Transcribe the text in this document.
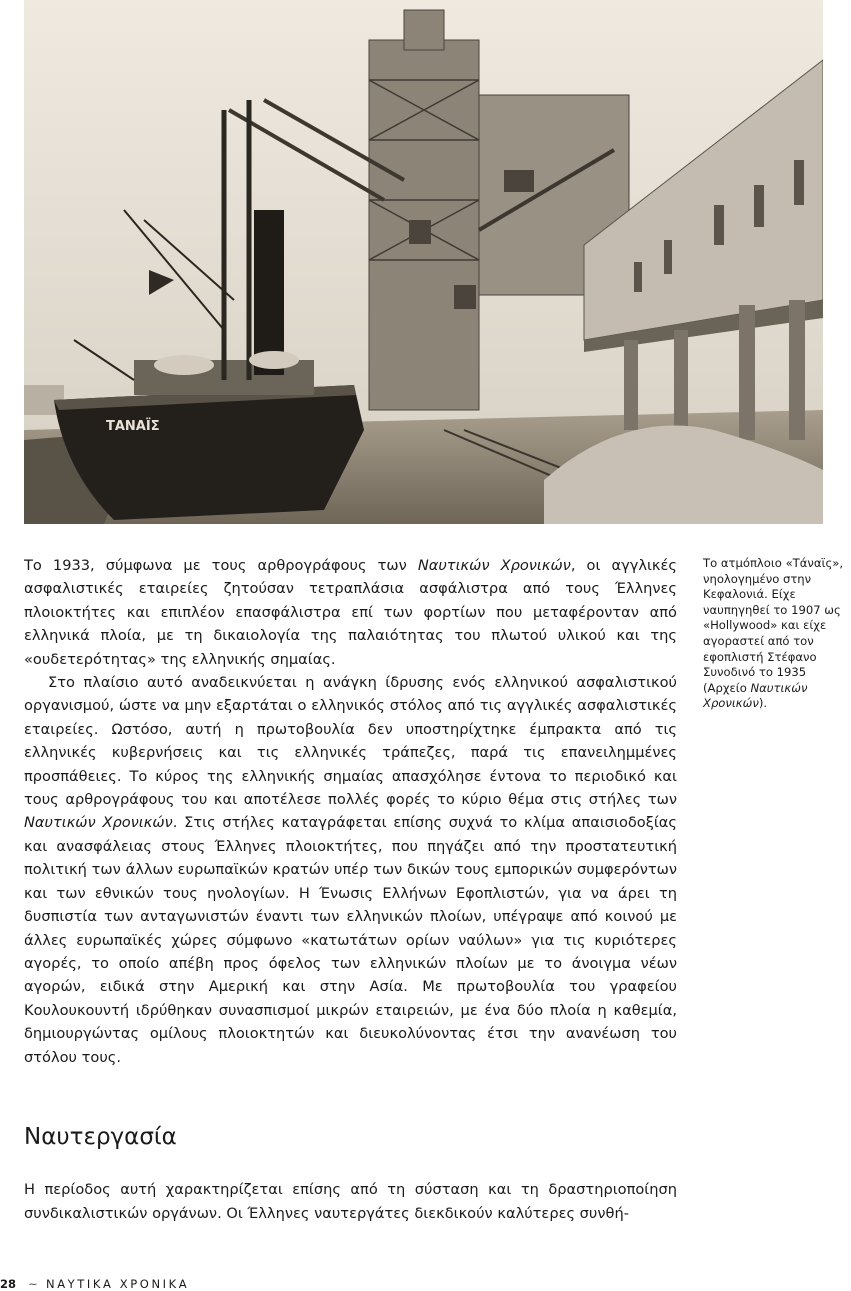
ΤΑΝΑΪΣ

Το 1933, σύμφωνα με τους αρθρογράφους των Ναυτικών Χρονικών, οι αγγλικές ασφαλιστικές εταιρείες ζητούσαν τετραπλάσια ασφάλιστρα από τους Έλληνες πλοιοκτήτες και επιπλέον επασφάλιστρα επί των φορτίων που μεταφέρονταν από ελληνικά πλοία, με τη δικαιολογία της παλαιότητας του πλωτού υλικού και της «ουδετερότητας» της ελληνικής σημαίας.

Στο πλαίσιο αυτό αναδεικνύεται η ανάγκη ίδρυσης ενός ελληνικού ασφαλιστικού οργανισμού, ώστε να μην εξαρτάται ο ελληνικός στόλος από τις αγγλικές ασφαλιστικές εταιρείες. Ωστόσο, αυτή η πρωτοβουλία δεν υποστηρίχτηκε έμπρακτα από τις ελληνικές κυβερνήσεις και τις ελληνικές τράπεζες, παρά τις επανειλημμένες προσπάθειες. Το κύρος της ελληνικής σημαίας απασχόλησε έντονα το περιοδικό και τους αρθρογράφους του και αποτέλεσε πολλές φορές το κύριο θέμα στις στήλες των Ναυτικών Χρονικών. Στις στήλες καταγράφεται επίσης συχνά το κλίμα απαισιοδοξίας και ανασφάλειας στους Έλληνες πλοιοκτήτες, που πηγάζει από την προστατευτική πολιτική των άλλων ευρωπαϊκών κρατών υπέρ των δικών τους εμπορικών συμφερόντων και των εθνικών τους ηνολογίων. Η Ένωσις Ελλήνων Εφοπλιστών, για να άρει τη δυσπιστία των ανταγωνιστών έναντι των ελληνικών πλοίων, υπέγραψε από κοινού με άλλες ευρωπαϊκές χώρες σύμφωνο «κατωτάτων ορίων ναύλων» για τις κυριότερες αγορές, το οποίο απέβη προς όφελος των ελληνικών πλοίων με το άνοιγμα νέων αγορών, ειδικά στην Αμερική και στην Ασία. Με πρωτοβουλία του γραφείου Κουλουκουντή ιδρύθηκαν συνασπισμοί μικρών εταιρειών, με ένα δύο πλοία η καθεμία, δημιουργώντας ομίλους πλοιοκτητών και διευκολύνοντας έτσι την ανανέωση του στόλου τους.

Το ατμόπλοιο «Τάναϊς», νηολογημένο στην Κεφαλονιά. Είχε ναυπηγηθεί το 1907 ως «Hollywood» και είχε αγοραστεί από τον εφοπλιστή Στέφανο Συνοδινό το 1935 (Αρχείο Ναυτικών Χρονικών).
Ναυτεργασία

Η περίοδος αυτή χαρακτηρίζεται επίσης από τη σύσταση και τη δραστηριοποίηση συνδικαλιστικών οργάνων. Οι Έλληνες ναυτεργάτες διεκδικούν καλύτερες συνθή-

28	~ ΝΑΥΤΙΚΑ ΧΡΟΝΙΚΑ
